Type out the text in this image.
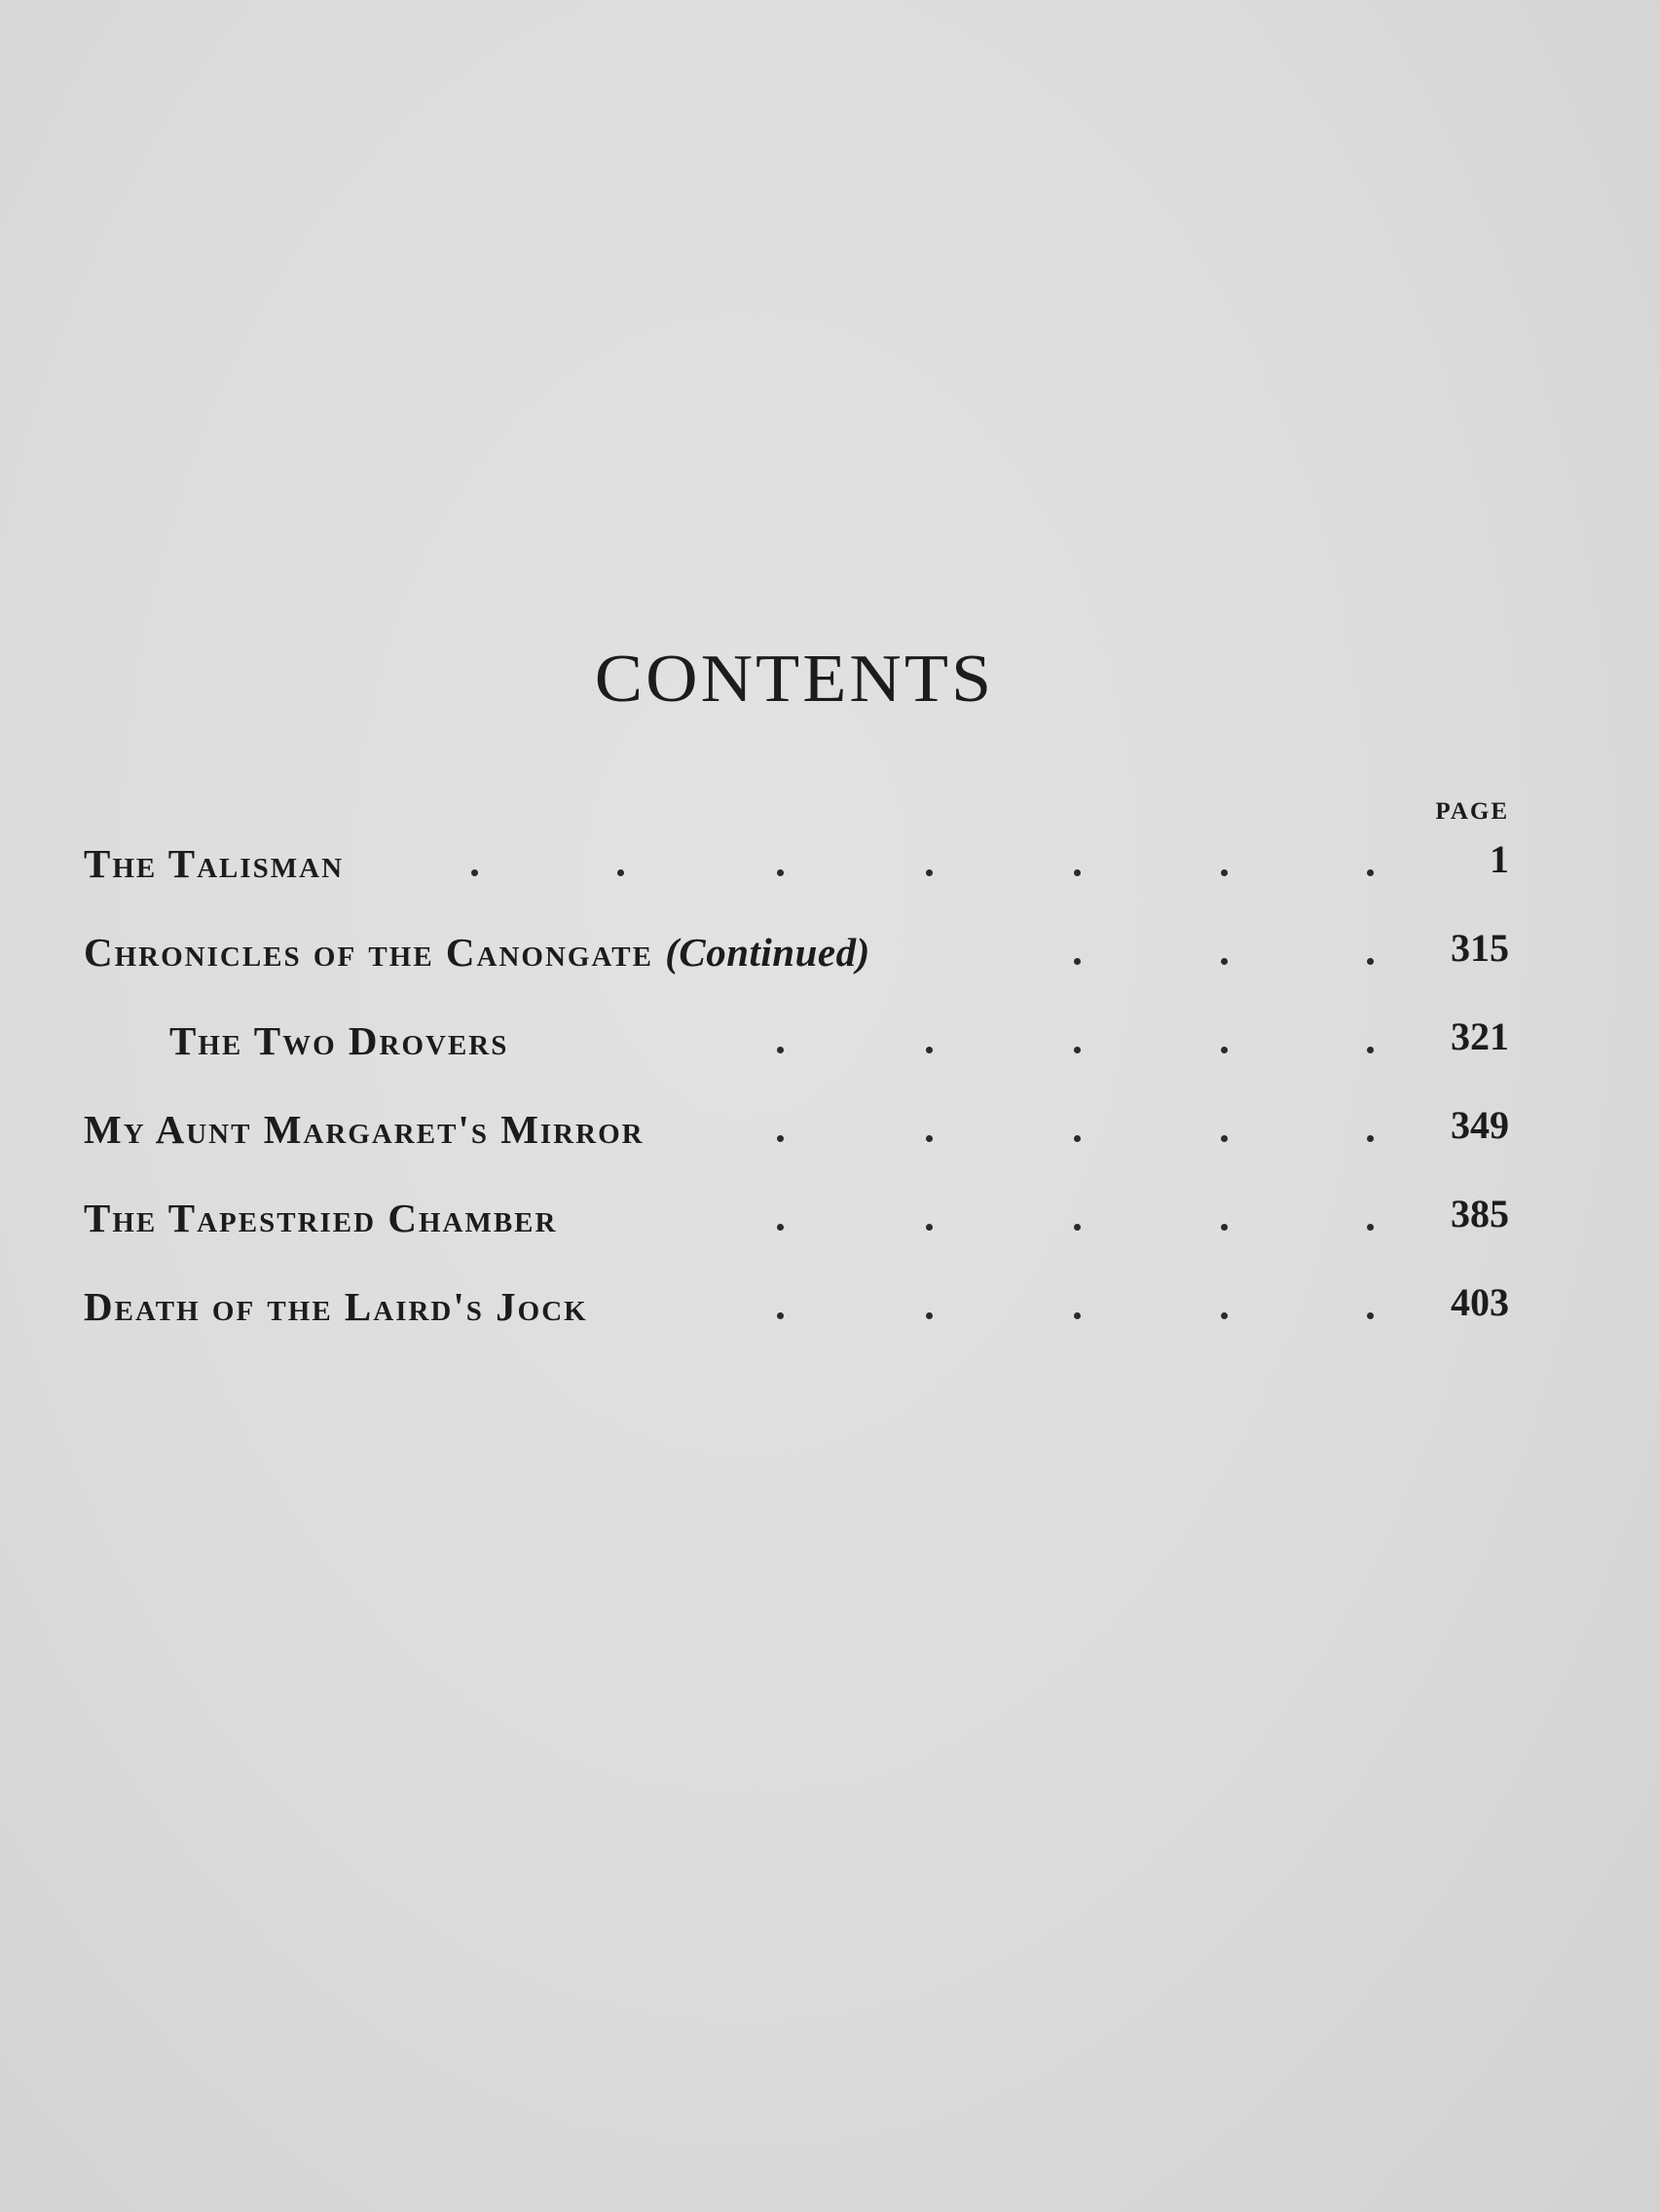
CONTENTS
PAGE
The Talisman	1
Chronicles of the Canongate (Continued)	315
The Two Drovers	321
My Aunt Margaret's Mirror	349
The Tapestried Chamber	385
Death of the Laird's Jock	403
